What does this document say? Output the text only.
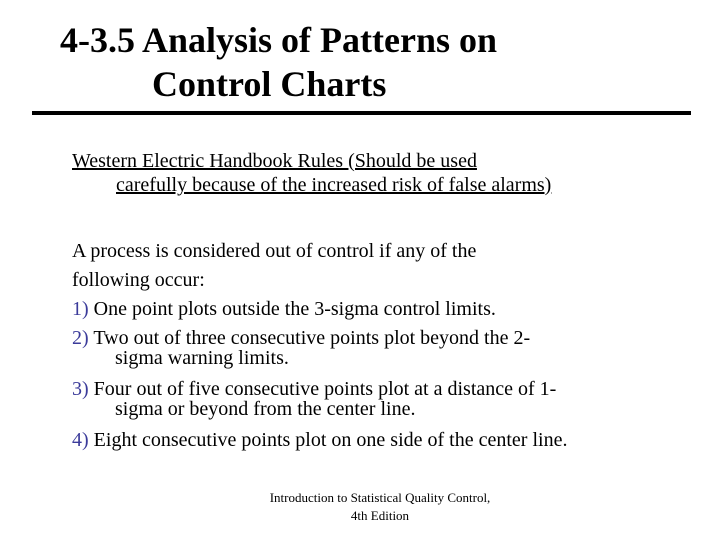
4-3.5 Analysis of Patterns on
Control Charts
Western Electric Handbook Rules (Should be used
carefully because of the increased risk of false alarms)
A process is considered out of control if any of the
following occur:
1) One point plots outside the 3-sigma control limits.
2) Two out of three consecutive points plot beyond the 2-
sigma warning limits.
3) Four out of five consecutive points plot at a distance of 1-
sigma or beyond from the center line.
4) Eight consecutive points plot on one side of the center line.
Introduction to Statistical Quality Control,
4th Edition
